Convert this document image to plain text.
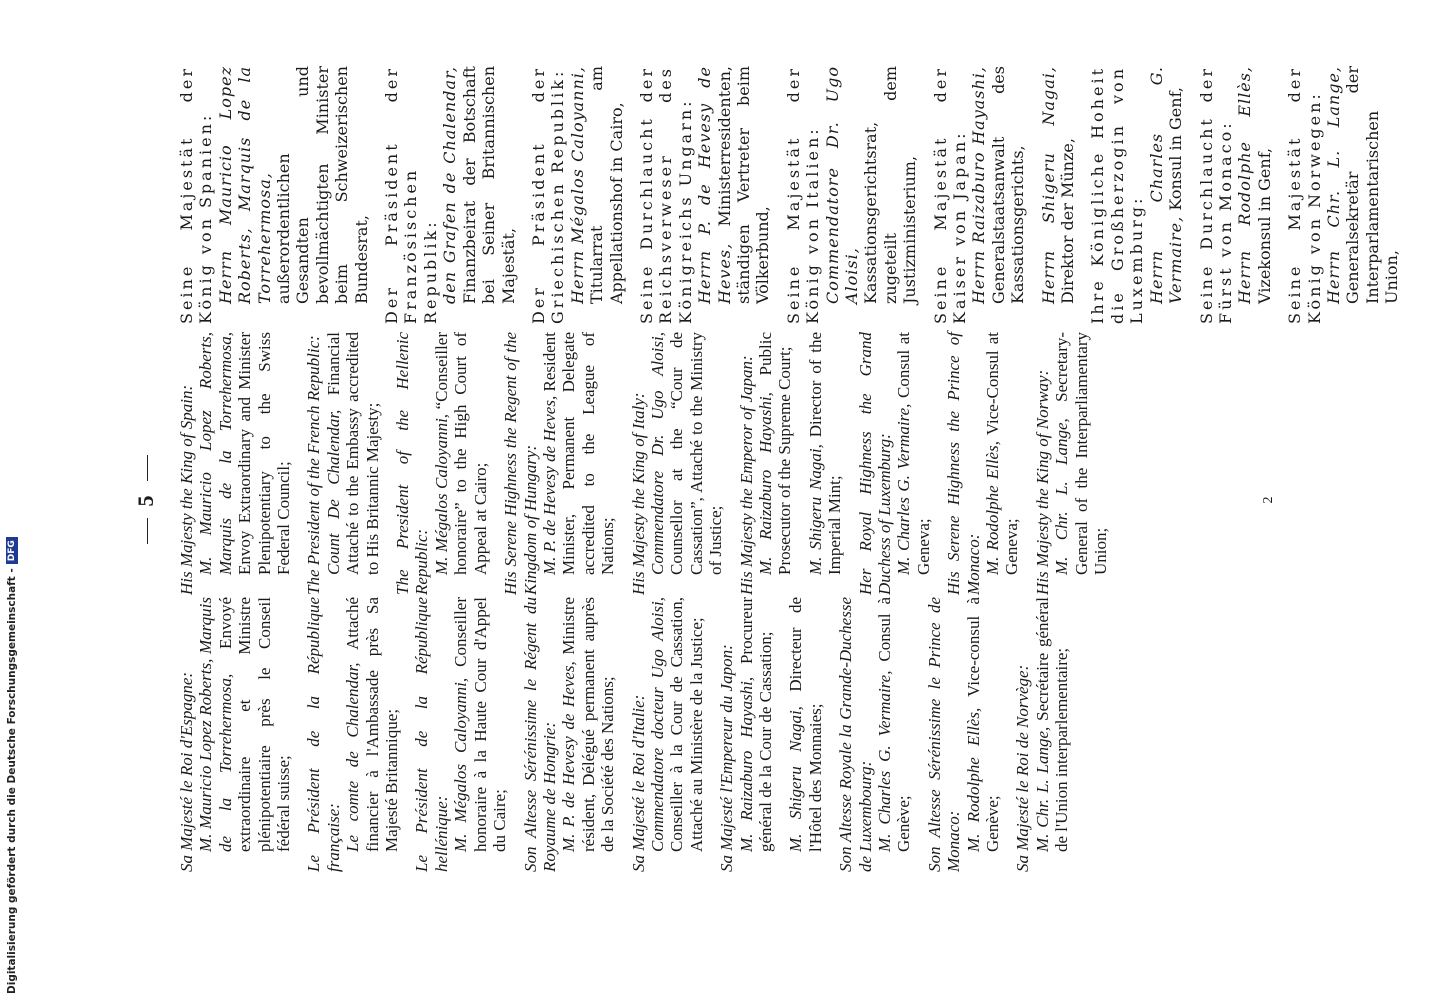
5
Sa Majesté le Roi d'Espagne: M. Mauricio Lopez Roberts, Marquis de la Torrehermosa, Envoyé extraordinaire et Ministre plénipotentiaire près le Conseil fédéral suisse; Le Président de la République française: Le comte de Chalendar, Attaché financier à l'Ambassade près Sa Majesté Britannique; Le Président de la République hellénique: M. Mégalos Caloyanni, Conseiller honoraire à la Haute Cour d'Appel du Caire; Son Altesse Sérénissime le Régent du Royaume de Hongrie: M. P. de Hevesy de Heves, Ministre résident, Délégué permanent auprès de la Société des Nations; Sa Majesté le Roi d'Italie: Commendatore docteur Ugo Aloisi, Conseiller à la Cour de Cassation, Attaché au Ministère de la Justice; Sa Majesté l'Empereur du Japon: M. Raizaburo Hayashi, Procureur général de la Cour de Cassation; M. Shigeru Nagai, Directeur de l'Hôtel des Monnaies; Son Altesse Royale la Grande-Duchesse de Luxembourg: M. Charles G. Vermaire, Consul à Genève; Son Altesse Sérénissime le Prince de Monaco: M. Rodolphe Ellès, Vice-consul à Genève; Sa Majesté le Roi de Norvège: M. Chr. L. Lange, Secrétaire général de l'Union interparlementaire;
His Majesty the King of Spain: M. Mauricio Lopez Roberts, Marquis de la Torrehermosa, Envoy Extraordinary and Minister Plenipotentiary to the Swiss Federal Council; The President of the French Republic: Count De Chalendar, Financial Attaché to the Embassy accredited to His Britannic Majesty; The President of the Hellenic Republic: M. Mégalos Caloyanni, “Conseiller honoraire” to the High Court of Appeal at Cairo; His Serene Highness the Regent of the Kingdom of Hungary: M. P. de Hevesy de Heves, Resident Minister, Permanent Delegate accredited to the League of Nations; His Majesty the King of Italy: Commendatore Dr. Ugo Aloisi, Counsellor at the “Cour de Cassation”, Attaché to the Ministry of Justice; His Majesty the Emperor of Japan: M. Raizaburo Hayashi, Public Prosecutor of the Supreme Court; M. Shigeru Nagai, Director of the Imperial Mint; Her Royal Highness the Grand Duchess of Luxemburg: M. Charles G. Vermaire, Consul at Geneva; His Serene Highness the Prince of Monaco: M. Rodolphe Ellès, Vice-Consul at Geneva; His Majesty the King of Norway: M. Chr. L. Lange, Secretary-General of the Interparliamentary Union;
Seine Majestät der König von Spanien: Herrn Mauricio Lopez Roberts, Marquis de la Torrehermosa, außerordentlichen Gesandten und bevollmächtigten Minister beim Schweizerischen Bundesrat, Der Präsident der Französischen Republik: den Grafen de Chalendar, Finanzbeirat der Botschaft bei Seiner Britannischen Majestät, Der Präsident der Griechischen Republik: Herrn Mégalos Caloyanni, Titularrat am Appellationshof in Cairo, Seine Durchlaucht der Reichsverweser des Königreichs Ungarn: Herrn P. de Hevesy de Heves, Ministerresidenten, ständigen Vertreter beim Völkerbund, Seine Majestät der König von Italien: Commendatore Dr. Ugo Aloisi, Kassationsgerichtsrat, zugeteilt dem Justizministerium, Seine Majestät der Kaiser von Japan: Herrn Raizaburo Hayashi, Generalstaatsanwalt des Kassationsgerichts, Herrn Shigeru Nagai, Direktor der Münze, Ihre Königliche Hoheit die Großherzogin von Luxemburg: Herrn Charles G. Vermaire, Konsul in Genf, Seine Durchlaucht der Fürst von Monaco: Herrn Rodolphe Ellès, Vizekonsul in Genf, Seine Majestät der König von Norwegen: Herrn Chr. L. Lange, Generalsekretär der Interparlamentarischen Union,
2
Digitalisierung gefördert durch die Deutsche Forschungsgemeinschaft -
DFG
